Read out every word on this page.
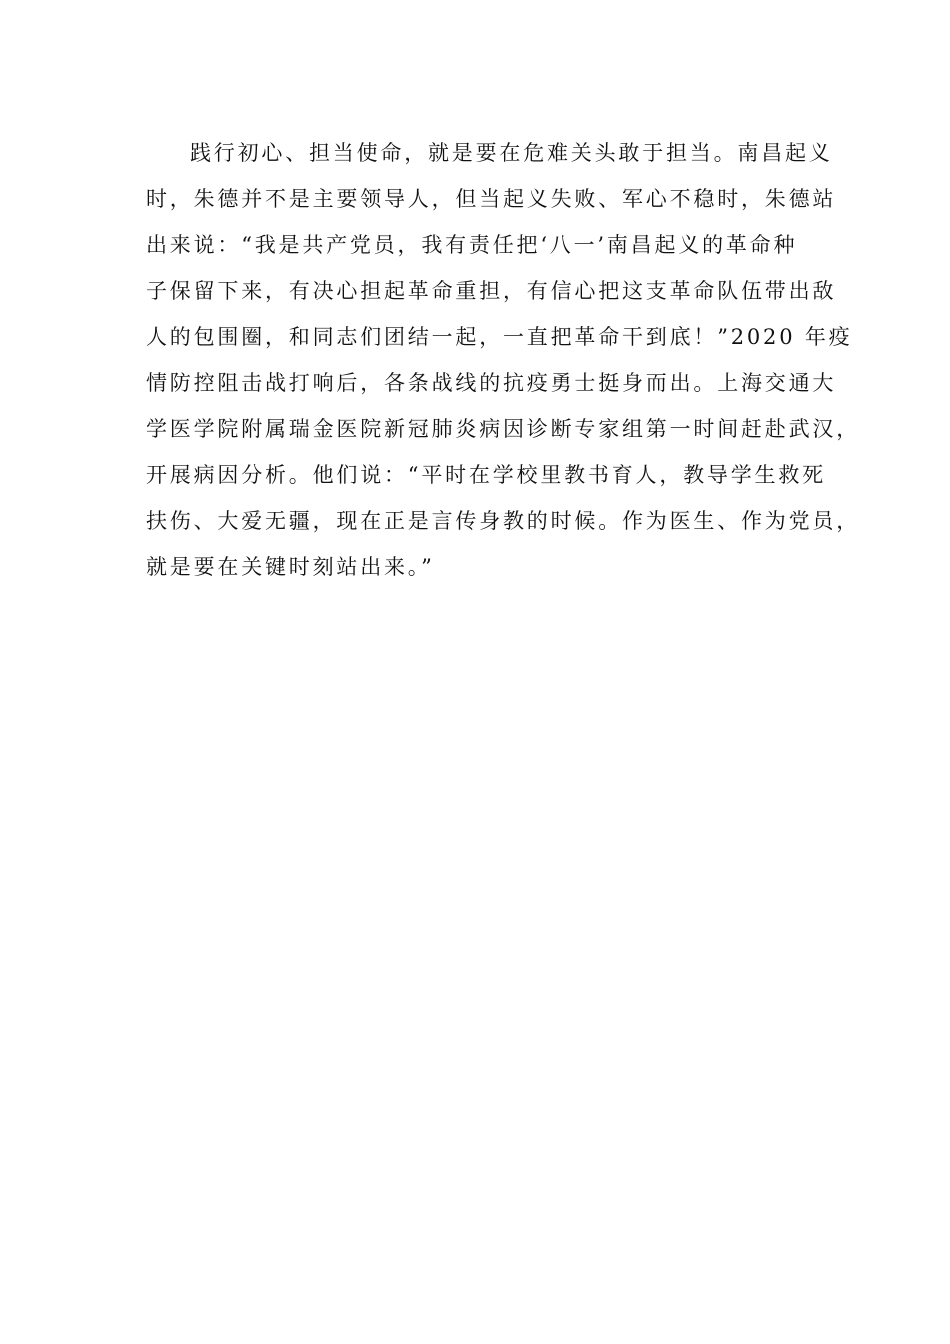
践行初心、担当使命，就是要在危难关头敢于担当。南昌起义
时，朱德并不是主要领导人，但当起义失败、军心不稳时，朱德站
出来说：“我是共产党员，我有责任把‘八一’南昌起义的革命种
子保留下来，有决心担起革命重担，有信心把这支革命队伍带出敌
人的包围圈，和同志们团结一起，一直把革命干到底！”2020 年疫
情防控阻击战打响后，各条战线的抗疫勇士挺身而出。上海交通大
学医学院附属瑞金医院新冠肺炎病因诊断专家组第一时间赶赴武汉，
开展病因分析。他们说：“平时在学校里教书育人，教导学生救死
扶伤、大爱无疆，现在正是言传身教的时候。作为医生、作为党员，
就是要在关键时刻站出来。”
